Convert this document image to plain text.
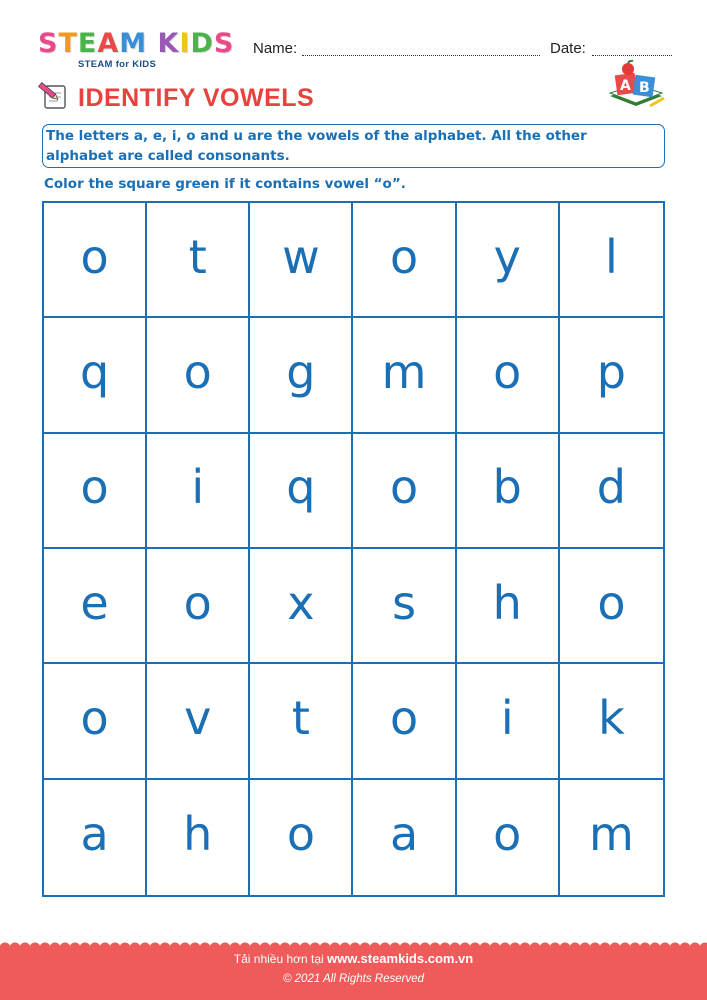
STEAM KIDS
STEAM for KIDS
Name:	Date:
IDENTIFY VOWELS	A B
The letters a, e, i, o and u are the vowels of the alphabet. All the other
alphabet are called consonants.
Color the square green if it contains vowel “o”.
o	t	w	o	y	l
q	o	g	m	o	p
o	i	q	o	b	d
e	o	x	s	h	o
o	v	t	o	i	k
a	h	o	a	o	m
Tải nhiều hơn tại www.steamkids.com.vn
© 2021 All Rights Reserved
